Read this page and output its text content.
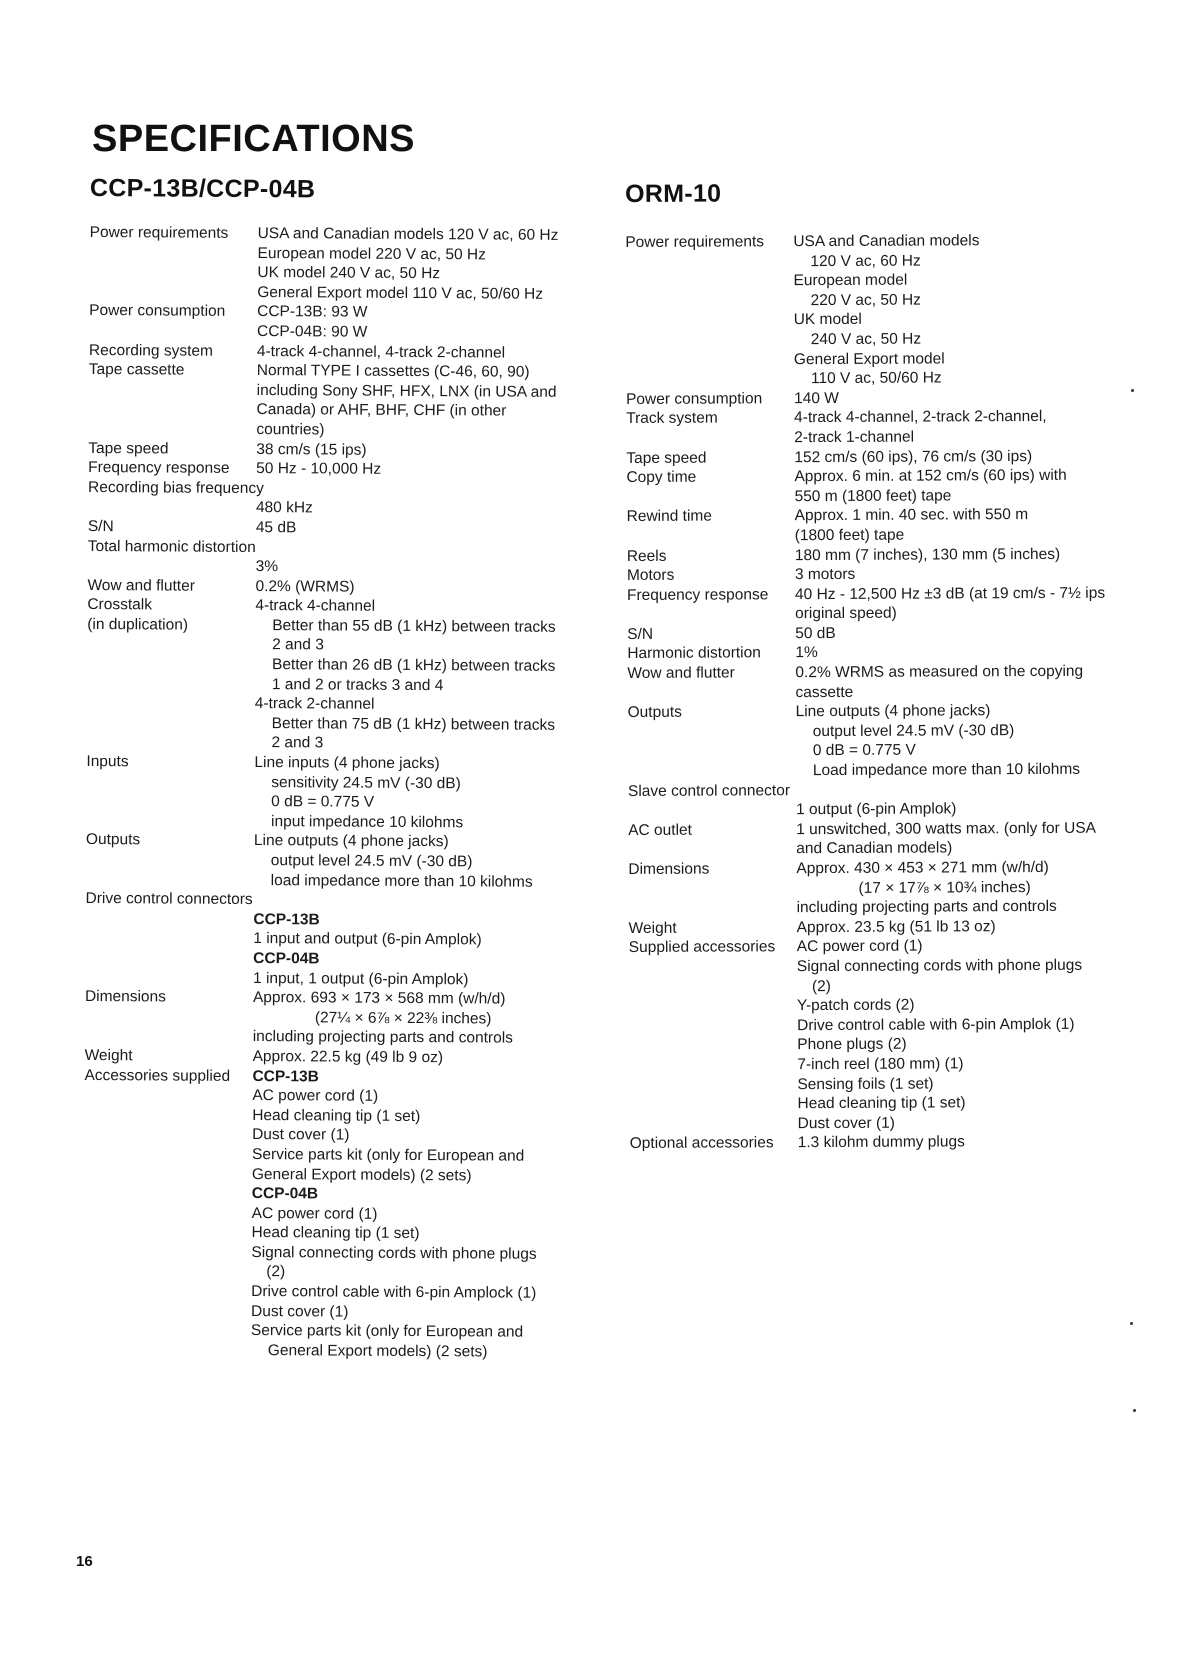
SPECIFICATIONS
CCP-13B/CCP-04B
Power requirements	USA and Canadian models 120 V ac, 60 Hz
European model 220 V ac, 50 Hz
UK model 240 V ac, 50 Hz
General Export model 110 V ac, 50/60 Hz
Power consumption	CCP-13B: 93 W
CCP-04B: 90 W
Recording system	4-track 4-channel, 4-track 2-channel
Tape cassette	Normal TYPE I cassettes (C-46, 60, 90)
including Sony SHF, HFX, LNX (in USA and
Canada) or AHF, BHF, CHF (in other
countries)
Tape speed	38 cm/s (15 ips)
Frequency response	50 Hz - 10,000 Hz
Recording bias frequency
480 kHz
S/N	45 dB
Total harmonic distortion
3%
Wow and flutter	0.2% (WRMS)
Crosstalk	4-track 4-channel
(in duplication)	Better than 55 dB (1 kHz) between tracks
2 and 3
Better than 26 dB (1 kHz) between tracks
1 and 2 or tracks 3 and 4
4-track 2-channel
Better than 75 dB (1 kHz) between tracks
2 and 3
Inputs	Line inputs (4 phone jacks)
sensitivity 24.5 mV (-30 dB)
0 dB = 0.775 V
input impedance 10 kilohms
Outputs	Line outputs (4 phone jacks)
output level 24.5 mV (-30 dB)
load impedance more than 10 kilohms
Drive control connectors
CCP-13B
1 input and output (6-pin Amplok)
CCP-04B
1 input, 1 output (6-pin Amplok)
Dimensions	Approx. 693 × 173 × 568 mm (w/h/d)
(27¼ × 6⅞ × 22⅜ inches)
including projecting parts and controls
Weight	Approx. 22.5 kg (49 lb 9 oz)
Accessories supplied	CCP-13B
AC power cord (1)
Head cleaning tip (1 set)
Dust cover (1)
Service parts kit (only for European and
General Export models) (2 sets)
CCP-04B
AC power cord (1)
Head cleaning tip (1 set)
Signal connecting cords with phone plugs
(2)
Drive control cable with 6-pin Amplock (1)
Dust cover (1)
Service parts kit (only for European and
General Export models) (2 sets)
ORM-10
Power requirements	USA and Canadian models
120 V ac, 60 Hz
European model
220 V ac, 50 Hz
UK model
240 V ac, 50 Hz
General Export model
110 V ac, 50/60 Hz
Power consumption	140 W
Track system	4-track 4-channel, 2-track 2-channel,
2-track 1-channel
Tape speed	152 cm/s (60 ips), 76 cm/s (30 ips)
Copy time	Approx. 6 min. at 152 cm/s (60 ips) with
550 m (1800 feet) tape
Rewind time	Approx. 1 min. 40 sec. with 550 m
(1800 feet) tape
Reels	180 mm (7 inches), 130 mm (5 inches)
Motors	3 motors
Frequency response	40 Hz - 12,500 Hz ±3 dB (at 19 cm/s - 7½ ips
original speed)
S/N	50 dB
Harmonic distortion	1%
Wow and flutter	0.2% WRMS as measured on the copying
cassette
Outputs	Line outputs (4 phone jacks)
output level 24.5 mV (-30 dB)
0 dB = 0.775 V
Load impedance more than 10 kilohms
Slave control connector
1 output (6-pin Amplok)
AC outlet	1 unswitched, 300 watts max. (only for USA
and Canadian models)
Dimensions	Approx. 430 × 453 × 271 mm (w/h/d)
(17 × 17⅞ × 10¾ inches)
including projecting parts and controls
Weight	Approx. 23.5 kg (51 lb 13 oz)
Supplied accessories	AC power cord (1)
Signal connecting cords with phone plugs
(2)
Y-patch cords (2)
Drive control cable with 6-pin Amplok (1)
Phone plugs (2)
7-inch reel (180 mm) (1)
Sensing foils (1 set)
Head cleaning tip (1 set)
Dust cover (1)
Optional accessories	1.3 kilohm dummy plugs

16
